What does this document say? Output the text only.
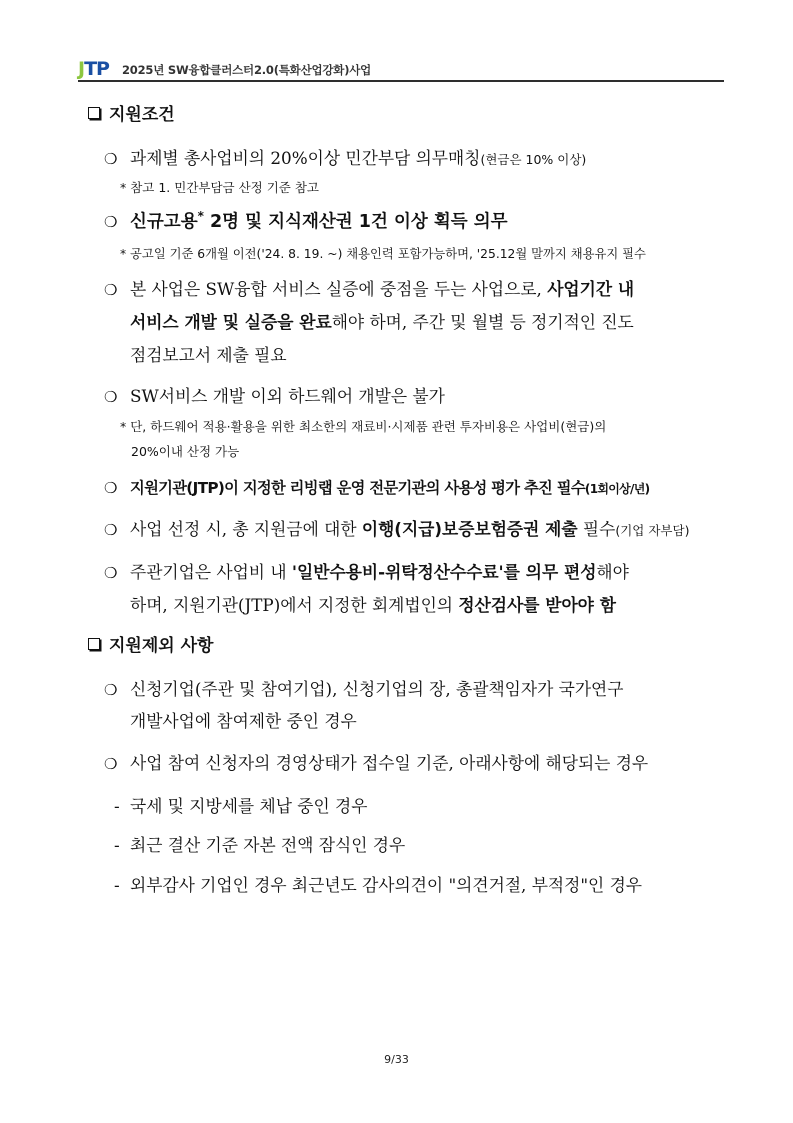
JTP 2025년 SW융합클러스터2.0(특화산업강화)사업
지원조건
❍ 과제별 총사업비의 20%이상 민간부담 의무매칭(현금은 10% 이상)
* 참고 1. 민간부담금 산정 기준 참고
❍ 신규고용* 2명 및 지식재산권 1건 이상 획득 의무
* 공고일 기준 6개월 이전('24. 8. 19. ~) 채용인력 포함가능하며, '25.12월 말까지 채용유지 필수
❍ 본 사업은 SW융합 서비스 실증에 중점을 두는 사업으로, 사업기간 내
서비스 개발 및 실증을 완료해야 하며, 주간 및 월별 등 정기적인 진도
점검보고서 제출 필요
❍ SW서비스 개발 이외 하드웨어 개발은 불가
* 단, 하드웨어 적용·활용을 위한 최소한의 재료비·시제품 관련 투자비용은 사업비(현금)의
20%이내 산정 가능
❍ 지원기관(JTP)이 지정한 리빙랩 운영 전문기관의 사용성 평가 추진 필수(1회이상/년)
❍ 사업 선정 시, 총 지원금에 대한 이행(지급)보증보험증권 제출 필수(기업 자부담)
❍ 주관기업은 사업비 내 '일반수용비-위탁정산수수료'를 의무 편성해야
하며, 지원기관(JTP)에서 지정한 회계법인의 정산검사를 받아야 함
지원제외 사항
❍ 신청기업(주관 및 참여기업), 신청기업의 장, 총괄책임자가 국가연구
개발사업에 참여제한 중인 경우
❍ 사업 참여 신청자의 경영상태가 접수일 기준, 아래사항에 해당되는 경우
- 국세 및 지방세를 체납 중인 경우
- 최근 결산 기준 자본 전액 잠식인 경우
- 외부감사 기업인 경우 최근년도 감사의견이 "의견거절, 부적정"인 경우
9/33
